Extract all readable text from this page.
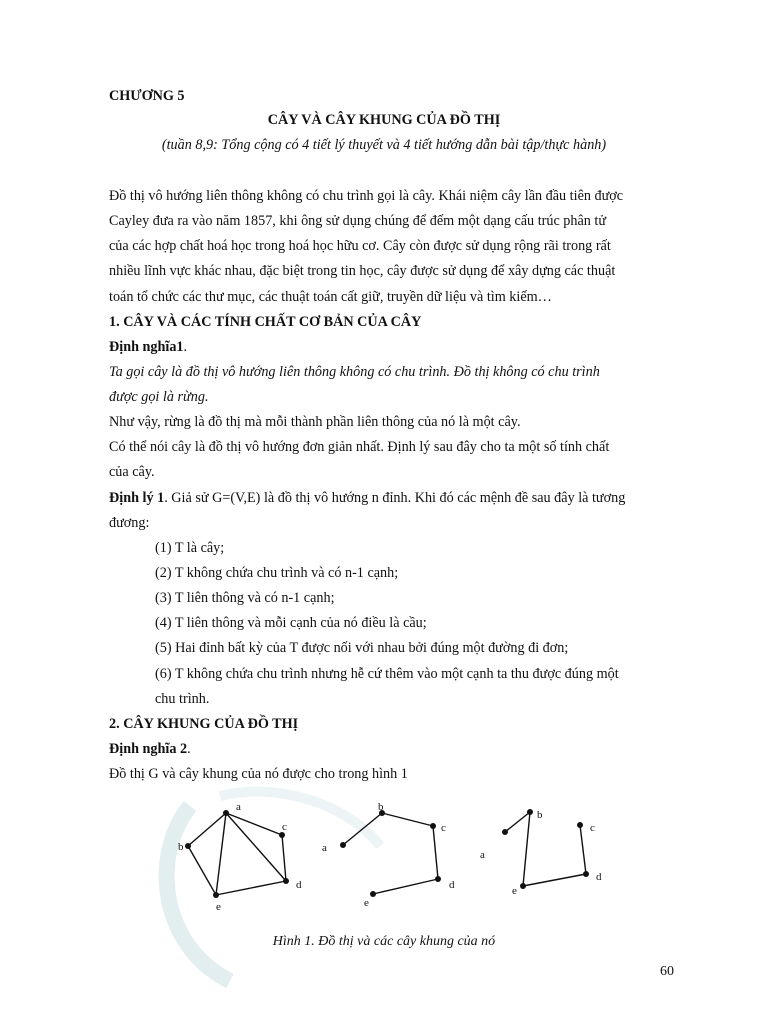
CHƯƠNG 5
CÂY VÀ CÂY KHUNG CỦA ĐỒ THỊ
(tuần 8,9: Tổng cộng có 4 tiết lý thuyết và 4 tiết hướng dẫn bài tập/thực hành)
Đồ thị vô hướng liên thông không có chu trình gọi là cây. Khái niệm cây lần đầu tiên được
Cayley đưa ra vào năm 1857, khi ông sử dụng chúng để đếm một dạng cấu trúc phân tử
của các hợp chất hoá học trong hoá học hữu cơ. Cây còn được sử dụng rộng rãi trong rất
nhiều lĩnh vực khác nhau, đặc biệt trong tin học, cây được sử dụng để xây dựng các thuật
toán tổ chức các thư mục, các thuật toán cất giữ, truyền dữ liệu và tìm kiếm…
1. CÂY VÀ CÁC TÍNH CHẤT CƠ BẢN CỦA CÂY
Định nghĩa1.
Ta gọi cây là đồ thị vô hướng liên thông không có chu trình. Đồ thị không có chu trình
được gọi là rừng.
Như vậy, rừng là đồ thị mà mỗi thành phần liên thông của nó là một cây.
Có thể nói cây là đồ thị vô hướng đơn giản nhất. Định lý sau đây cho ta một số tính chất
của cây.
Định lý 1. Giả sử G=(V,E) là đồ thị vô hướng n đỉnh. Khi đó các mệnh đề sau đây là tương
đương:
(1) T là cây;
(2) T không chứa chu trình và có n-1 cạnh;
(3) T liên thông và có n-1 cạnh;
(4) T liên thông và mỗi cạnh của nó điều là cầu;
(5) Hai đỉnh bất kỳ của T được nối với nhau bởi đúng một đường đi đơn;
(6) T không chứa chu trình nhưng hễ cứ thêm vào một cạnh ta thu được đúng một
chu trình.
2. CÂY KHUNG CỦA ĐỒ THỊ
Định nghĩa 2.
Đồ thị G và cây khung của nó được cho trong hình 1
a
b
c
d
e
a
b
c
d
e
a
b
c
d
e
Hình 1. Đồ thị và các cây khung của nó
60
